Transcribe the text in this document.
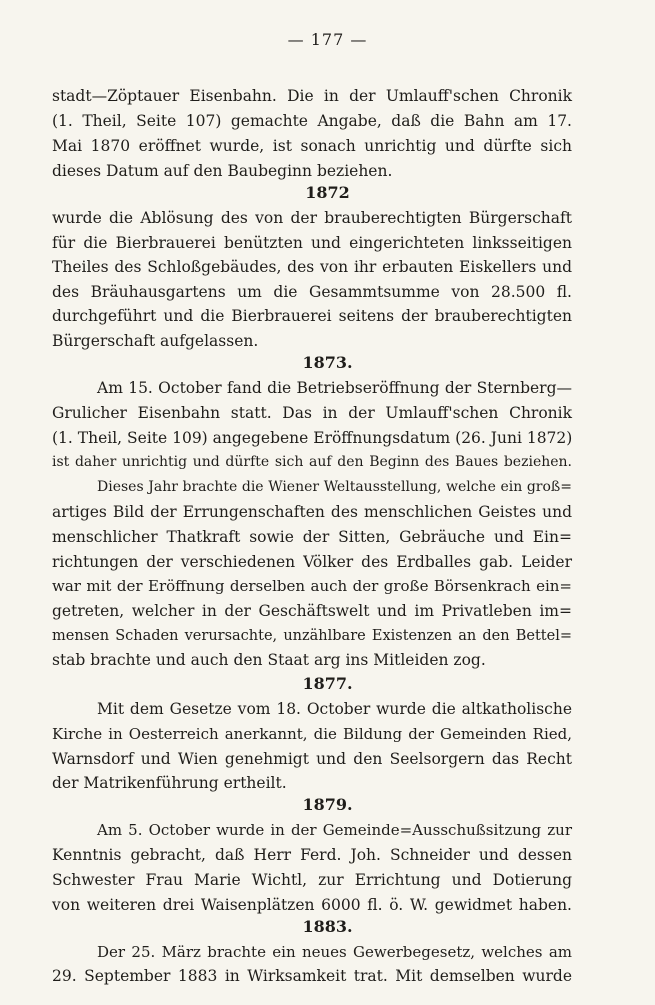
— 177 —
stadt—Zöptauer Eisenbahn. Die in der Umlauff'schen Chronik
(1. Theil, Seite 107) gemachte Angabe, daß die Bahn am 17.
Mai 1870 eröffnet wurde, ist sonach unrichtig und dürfte sich
dieses Datum auf den Baubeginn beziehen.
1872
wurde die Ablösung des von der brauberechtigten Bürgerschaft
für die Bierbrauerei benützten und eingerichteten linksseitigen
Theiles des Schloßgebäudes, des von ihr erbauten Eiskellers und
des Bräuhausgartens um die Gesammtsumme von 28.500 fl.
durchgeführt und die Bierbrauerei seitens der brauberechtigten
Bürgerschaft aufgelassen.
1873.
Am 15. October fand die Betriebseröffnung der Sternberg—
Grulicher Eisenbahn statt. Das in der Umlauff'schen Chronik
(1. Theil, Seite 109) angegebene Eröffnungsdatum (26. Juni 1872)
ist daher unrichtig und dürfte sich auf den Beginn des Baues beziehen.
Dieses Jahr brachte die Wiener Weltausstellung, welche ein groß=
artiges Bild der Errungenschaften des menschlichen Geistes und
menschlicher Thatkraft sowie der Sitten, Gebräuche und Ein=
richtungen der verschiedenen Völker des Erdballes gab. Leider
war mit der Eröffnung derselben auch der große Börsenkrach ein=
getreten, welcher in der Geschäftswelt und im Privatleben im=
mensen Schaden verursachte, unzählbare Existenzen an den Bettel=
stab brachte und auch den Staat arg ins Mitleiden zog.
1877.
Mit dem Gesetze vom 18. October wurde die altkatholische
Kirche in Oesterreich anerkannt, die Bildung der Gemeinden Ried,
Warnsdorf und Wien genehmigt und den Seelsorgern das Recht
der Matrikenführung ertheilt.
1879.
Am 5. October wurde in der Gemeinde=Ausschußsitzung zur
Kenntnis gebracht, daß Herr Ferd. Joh. Schneider und dessen
Schwester Frau Marie Wichtl, zur Errichtung und Dotierung
von weiteren drei Waisenplätzen 6000 fl. ö. W. gewidmet haben.
1883.
Der 25. März brachte ein neues Gewerbegesetz, welches am
29. September 1883 in Wirksamkeit trat. Mit demselben wurde
